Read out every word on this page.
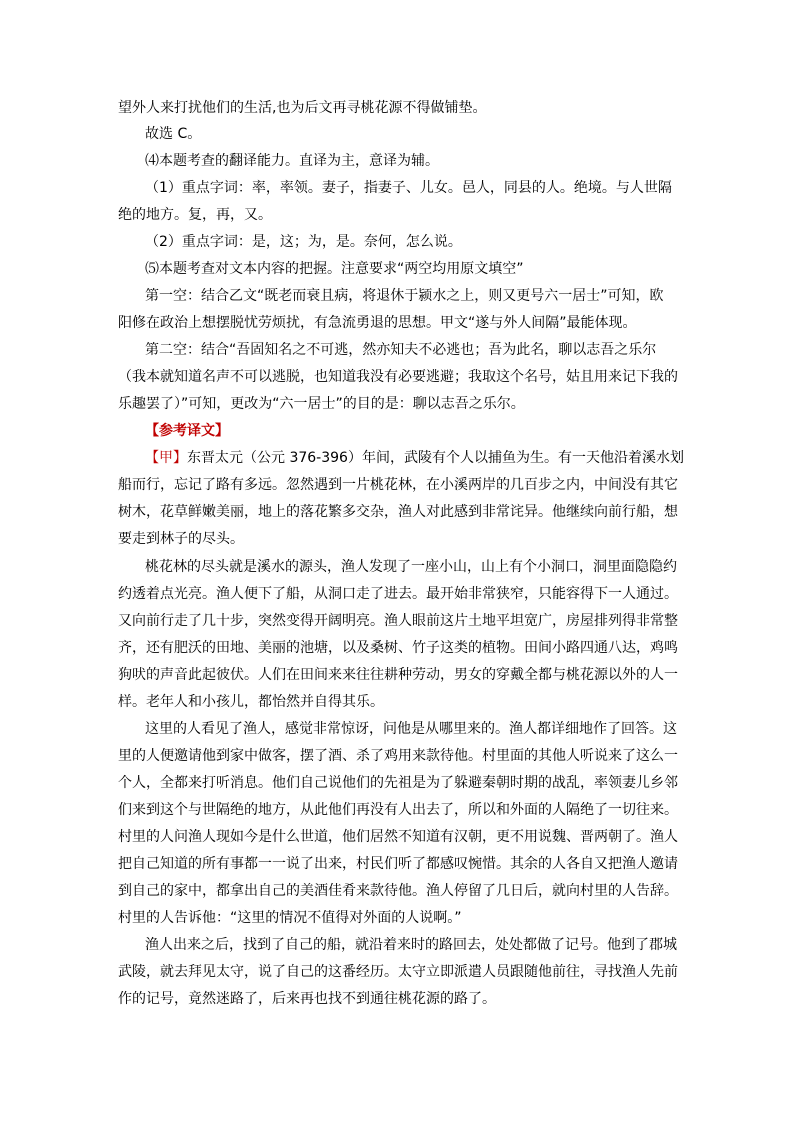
望外人来打扰他们的生活,也为后文再寻桃花源不得做铺垫。
故选 C。
⑷本题考查的翻译能力。直译为主，意译为辅。
（1）重点字词：率，率领。妻子，指妻子、儿女。邑人，同县的人。绝境。与人世隔
绝的地方。复，再，又。
（2）重点字词：是，这；为，是。奈何，怎么说。
⑸本题考查对文本内容的把握。注意要求“两空均用原文填空”
第一空：结合乙文“既老而衰且病，将退休于颍水之上，则又更号六一居士”可知，欧
阳修在政治上想摆脱忧劳烦扰，有急流勇退的思想。甲文“遂与外人间隔”最能体现。
第二空：结合“吾固知名之不可逃，然亦知夫不必逃也；吾为此名，聊以志吾之乐尔
（我本就知道名声不可以逃脱，也知道我没有必要逃避；我取这个名号，姑且用来记下我的
乐趣罢了）”可知，更改为“六一居士”的目的是：聊以志吾之乐尔。
【参考译文】
【甲】东晋太元（公元 376-396）年间，武陵有个人以捕鱼为生。有一天他沿着溪水划
船而行，忘记了路有多远。忽然遇到一片桃花林，在小溪两岸的几百步之内，中间没有其它
树木，花草鲜嫩美丽，地上的落花繁多交杂，渔人对此感到非常诧异。他继续向前行船，想
要走到林子的尽头。
桃花林的尽头就是溪水的源头，渔人发现了一座小山，山上有个小洞口，洞里面隐隐约
约透着点光亮。渔人便下了船，从洞口走了进去。最开始非常狭窄，只能容得下一人通过。
又向前行走了几十步，突然变得开阔明亮。渔人眼前这片土地平坦宽广，房屋排列得非常整
齐，还有肥沃的田地、美丽的池塘，以及桑树、竹子这类的植物。田间小路四通八达，鸡鸣
狗吠的声音此起彼伏。人们在田间来来往往耕种劳动，男女的穿戴全都与桃花源以外的人一
样。老年人和小孩儿，都怡然并自得其乐。
这里的人看见了渔人，感觉非常惊讶，问他是从哪里来的。渔人都详细地作了回答。这
里的人便邀请他到家中做客，摆了酒、杀了鸡用来款待他。村里面的其他人听说来了这么一
个人，全都来打听消息。他们自己说他们的先祖是为了躲避秦朝时期的战乱，率领妻儿乡邻
们来到这个与世隔绝的地方，从此他们再没有人出去了，所以和外面的人隔绝了一切往来。
村里的人问渔人现如今是什么世道，他们居然不知道有汉朝，更不用说魏、晋两朝了。渔人
把自己知道的所有事都一一说了出来，村民们听了都感叹惋惜。其余的人各自又把渔人邀请
到自己的家中，都拿出自己的美酒佳肴来款待他。渔人停留了几日后，就向村里的人告辞。
村里的人告诉他：“这里的情况不值得对外面的人说啊。”
渔人出来之后，找到了自己的船，就沿着来时的路回去，处处都做了记号。他到了郡城
武陵，就去拜见太守，说了自己的这番经历。太守立即派遣人员跟随他前往，寻找渔人先前
作的记号，竟然迷路了，后来再也找不到通往桃花源的路了。
